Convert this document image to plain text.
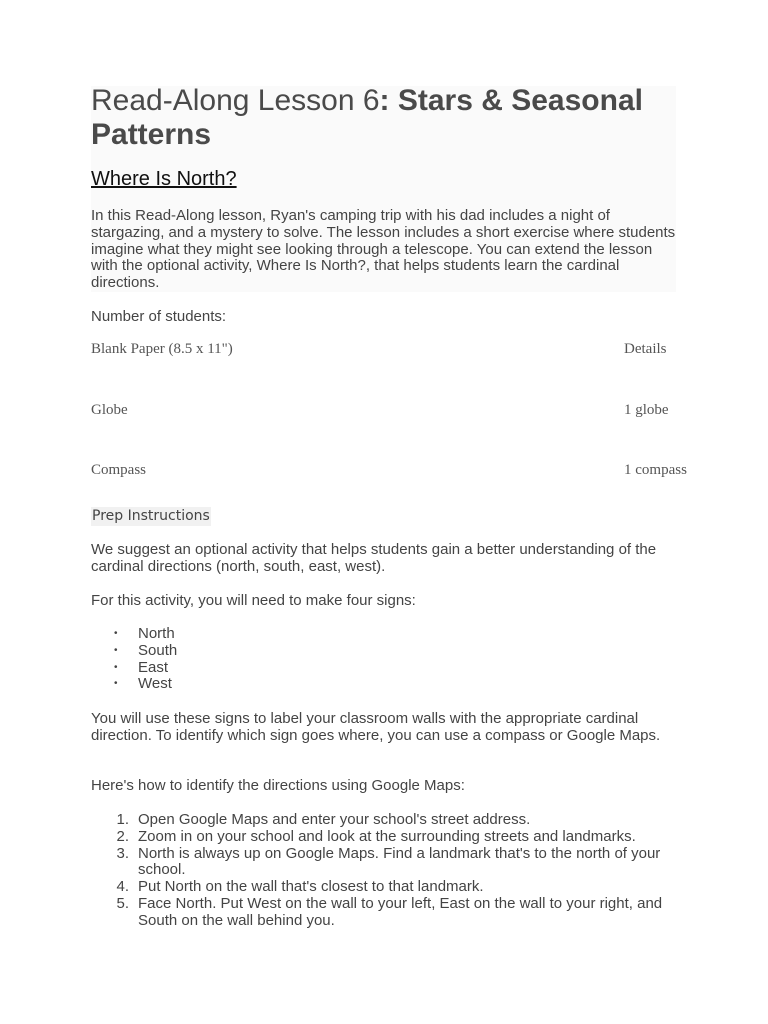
Read-Along Lesson 6: Stars & Seasonal Patterns
Where Is North?

In this Read-Along lesson, Ryan's camping trip with his dad includes a night of stargazing, and a mystery to solve. The lesson includes a short exercise where students imagine what they might see looking through a telescope. You can extend the lesson with the optional activity, Where Is North?, that helps students learn the cardinal directions.

Number of students:

Blank Paper (8.5 x 11")	Details

Globe	1 globe

Compass	1 compass

Prep Instructions

We suggest an optional activity that helps students gain a better understanding of the cardinal directions (north, south, east, west).

For this activity, you will need to make four signs:

• North
• South
• East
• West

You will use these signs to label your classroom walls with the appropriate cardinal direction. To identify which sign goes where, you can use a compass or Google Maps.

Here's how to identify the directions using Google Maps:

1. Open Google Maps and enter your school's street address.
2. Zoom in on your school and look at the surrounding streets and landmarks.
3. North is always up on Google Maps. Find a landmark that's to the north of your school.
4. Put North on the wall that's closest to that landmark.
5. Face North. Put West on the wall to your left, East on the wall to your right, and South on the wall behind you.
